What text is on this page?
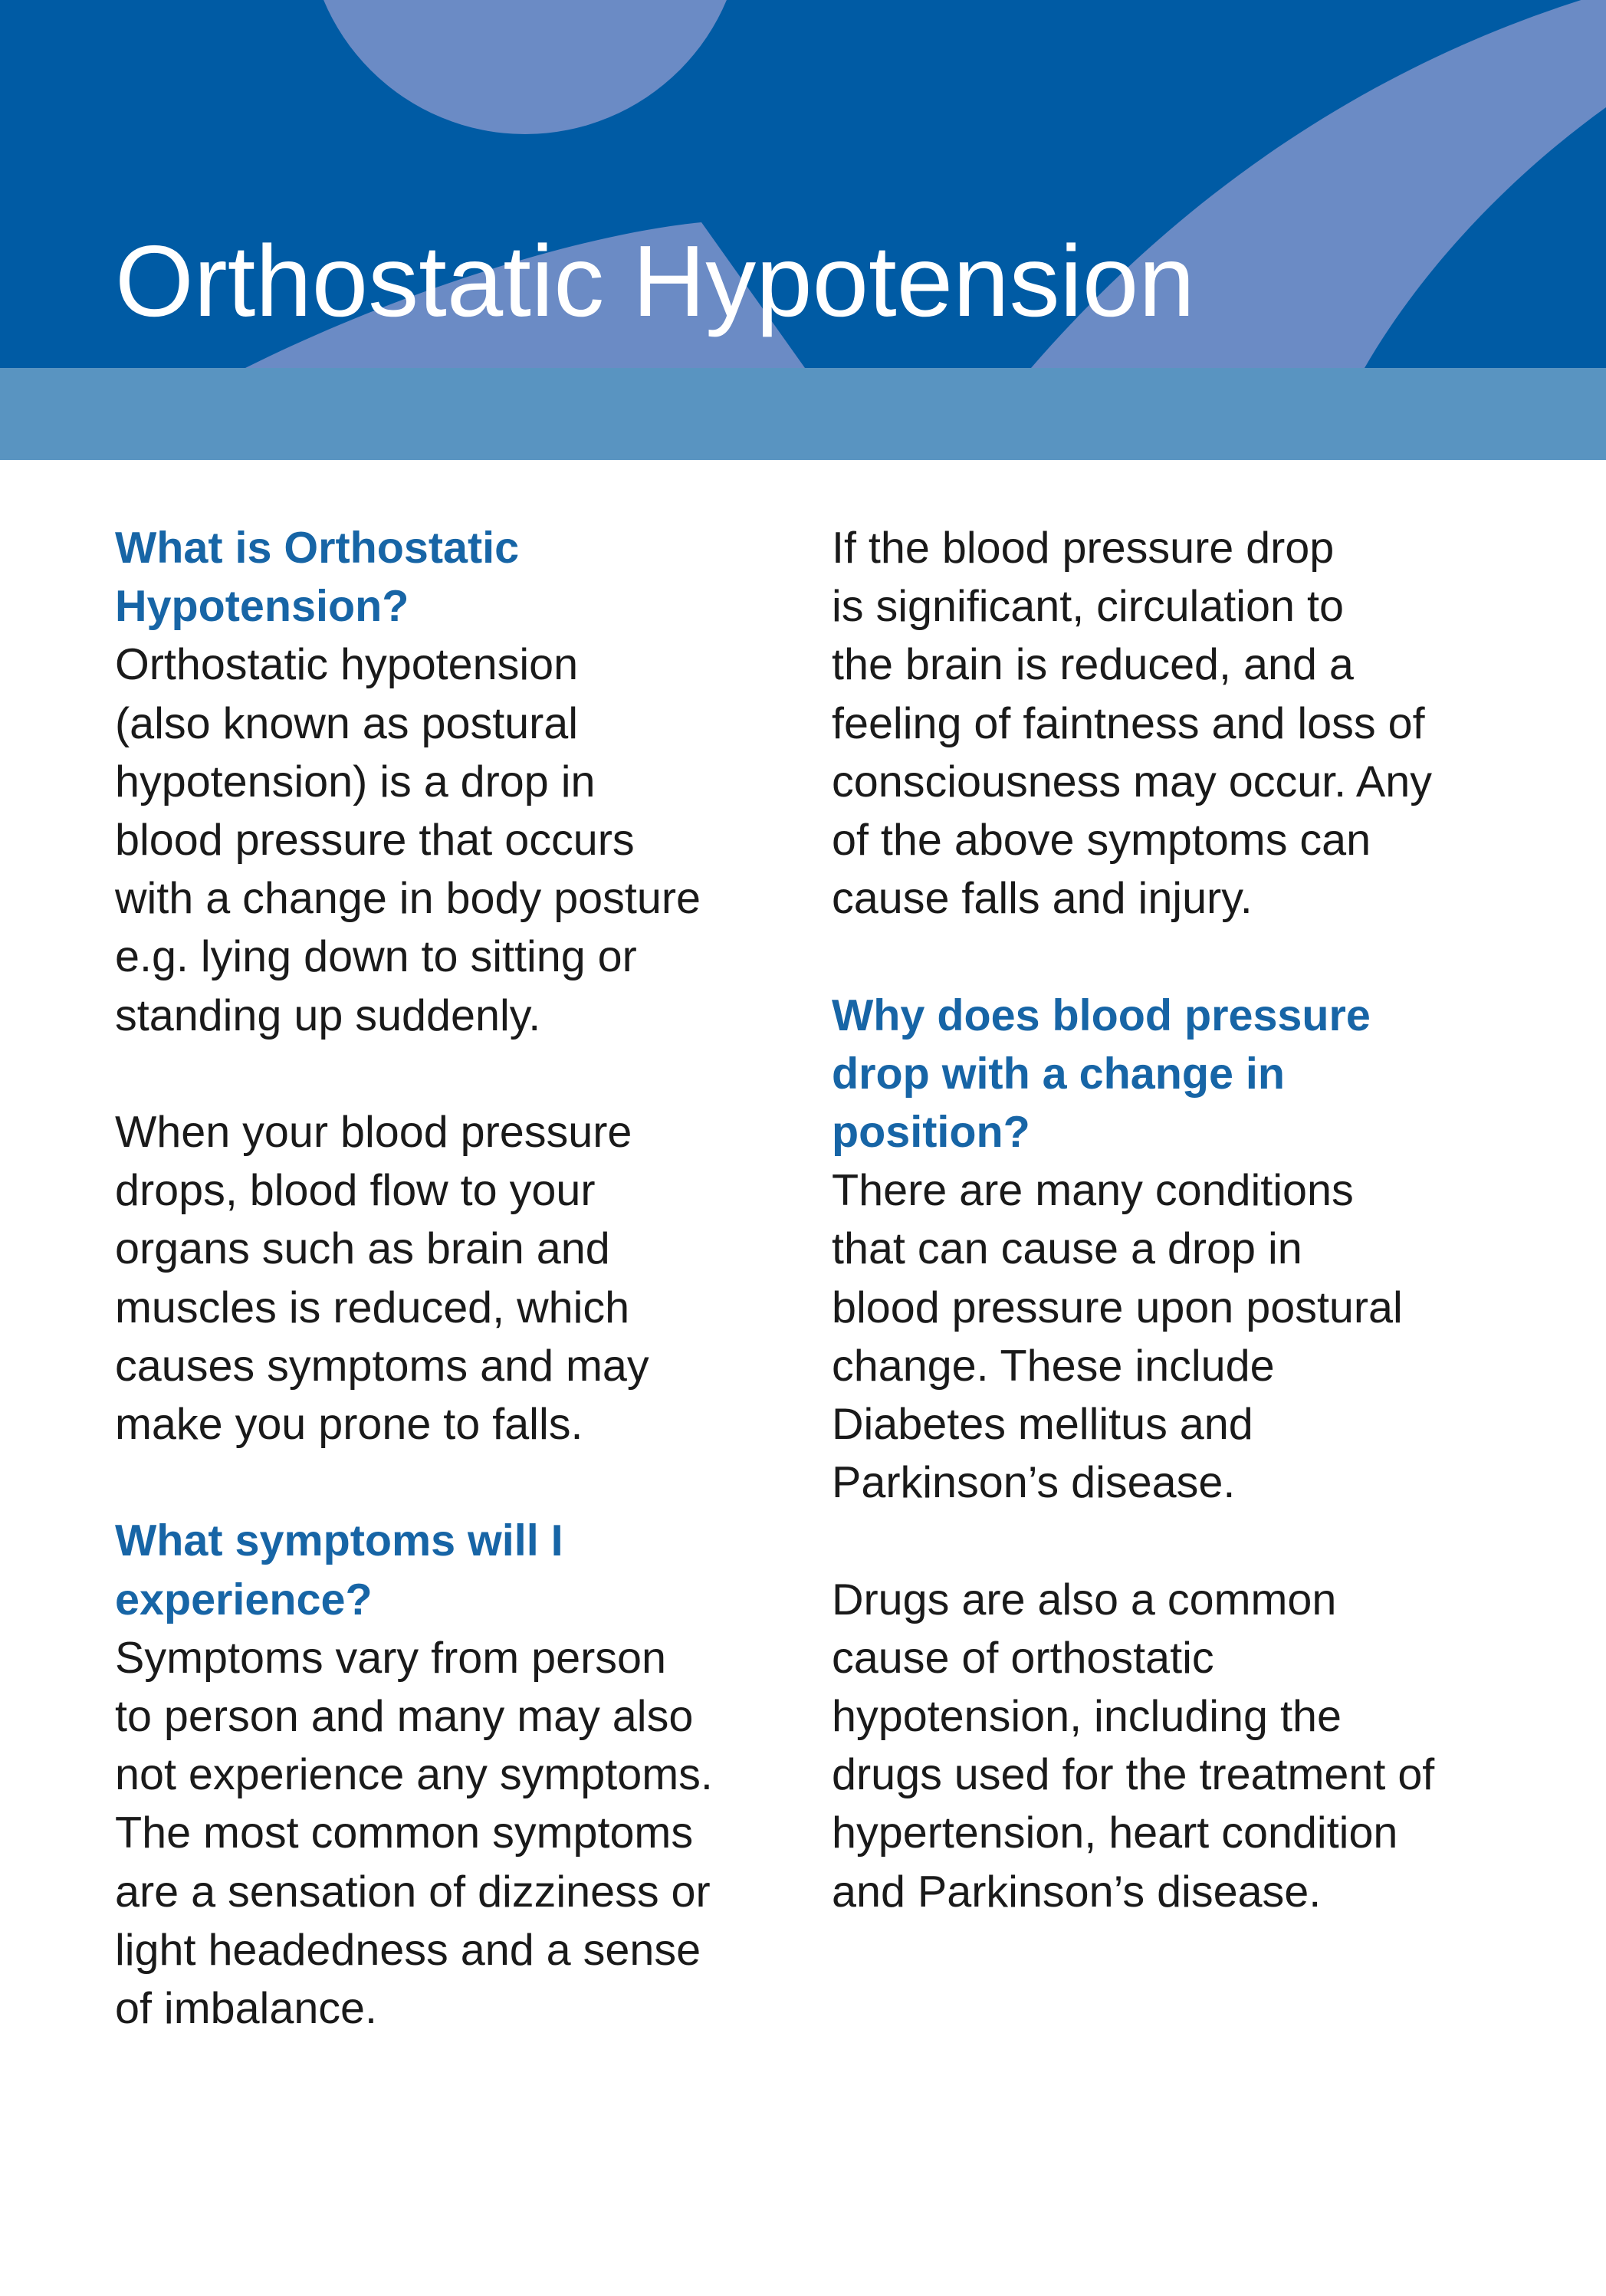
Orthostatic Hypotension
What is Orthostatic
Hypotension?

Orthostatic hypotension
(also known as postural
hypotension) is a drop in
blood pressure that occurs
with a change in body posture
e.g. lying down to sitting or
standing up suddenly.

When your blood pressure
drops, blood flow to your
organs such as brain and
muscles is reduced, which
causes symptoms and may
make you prone to falls.

What symptoms will I
experience?

Symptoms vary from person
to person and many may also
not experience any symptoms.
The most common symptoms
are a sensation of dizziness or
light headedness and a sense
of imbalance.

If the blood pressure drop
is significant, circulation to
the brain is reduced, and a
feeling of faintness and loss of
consciousness may occur. Any
of the above symptoms can
cause falls and injury.

Why does blood pressure
drop with a change in
position?

There are many conditions
that can cause a drop in
blood pressure upon postural
change. These include
Diabetes mellitus and
Parkinson’s disease.

Drugs are also a common
cause of orthostatic
hypotension, including the
drugs used for the treatment of
hypertension, heart condition
and Parkinson’s disease.
